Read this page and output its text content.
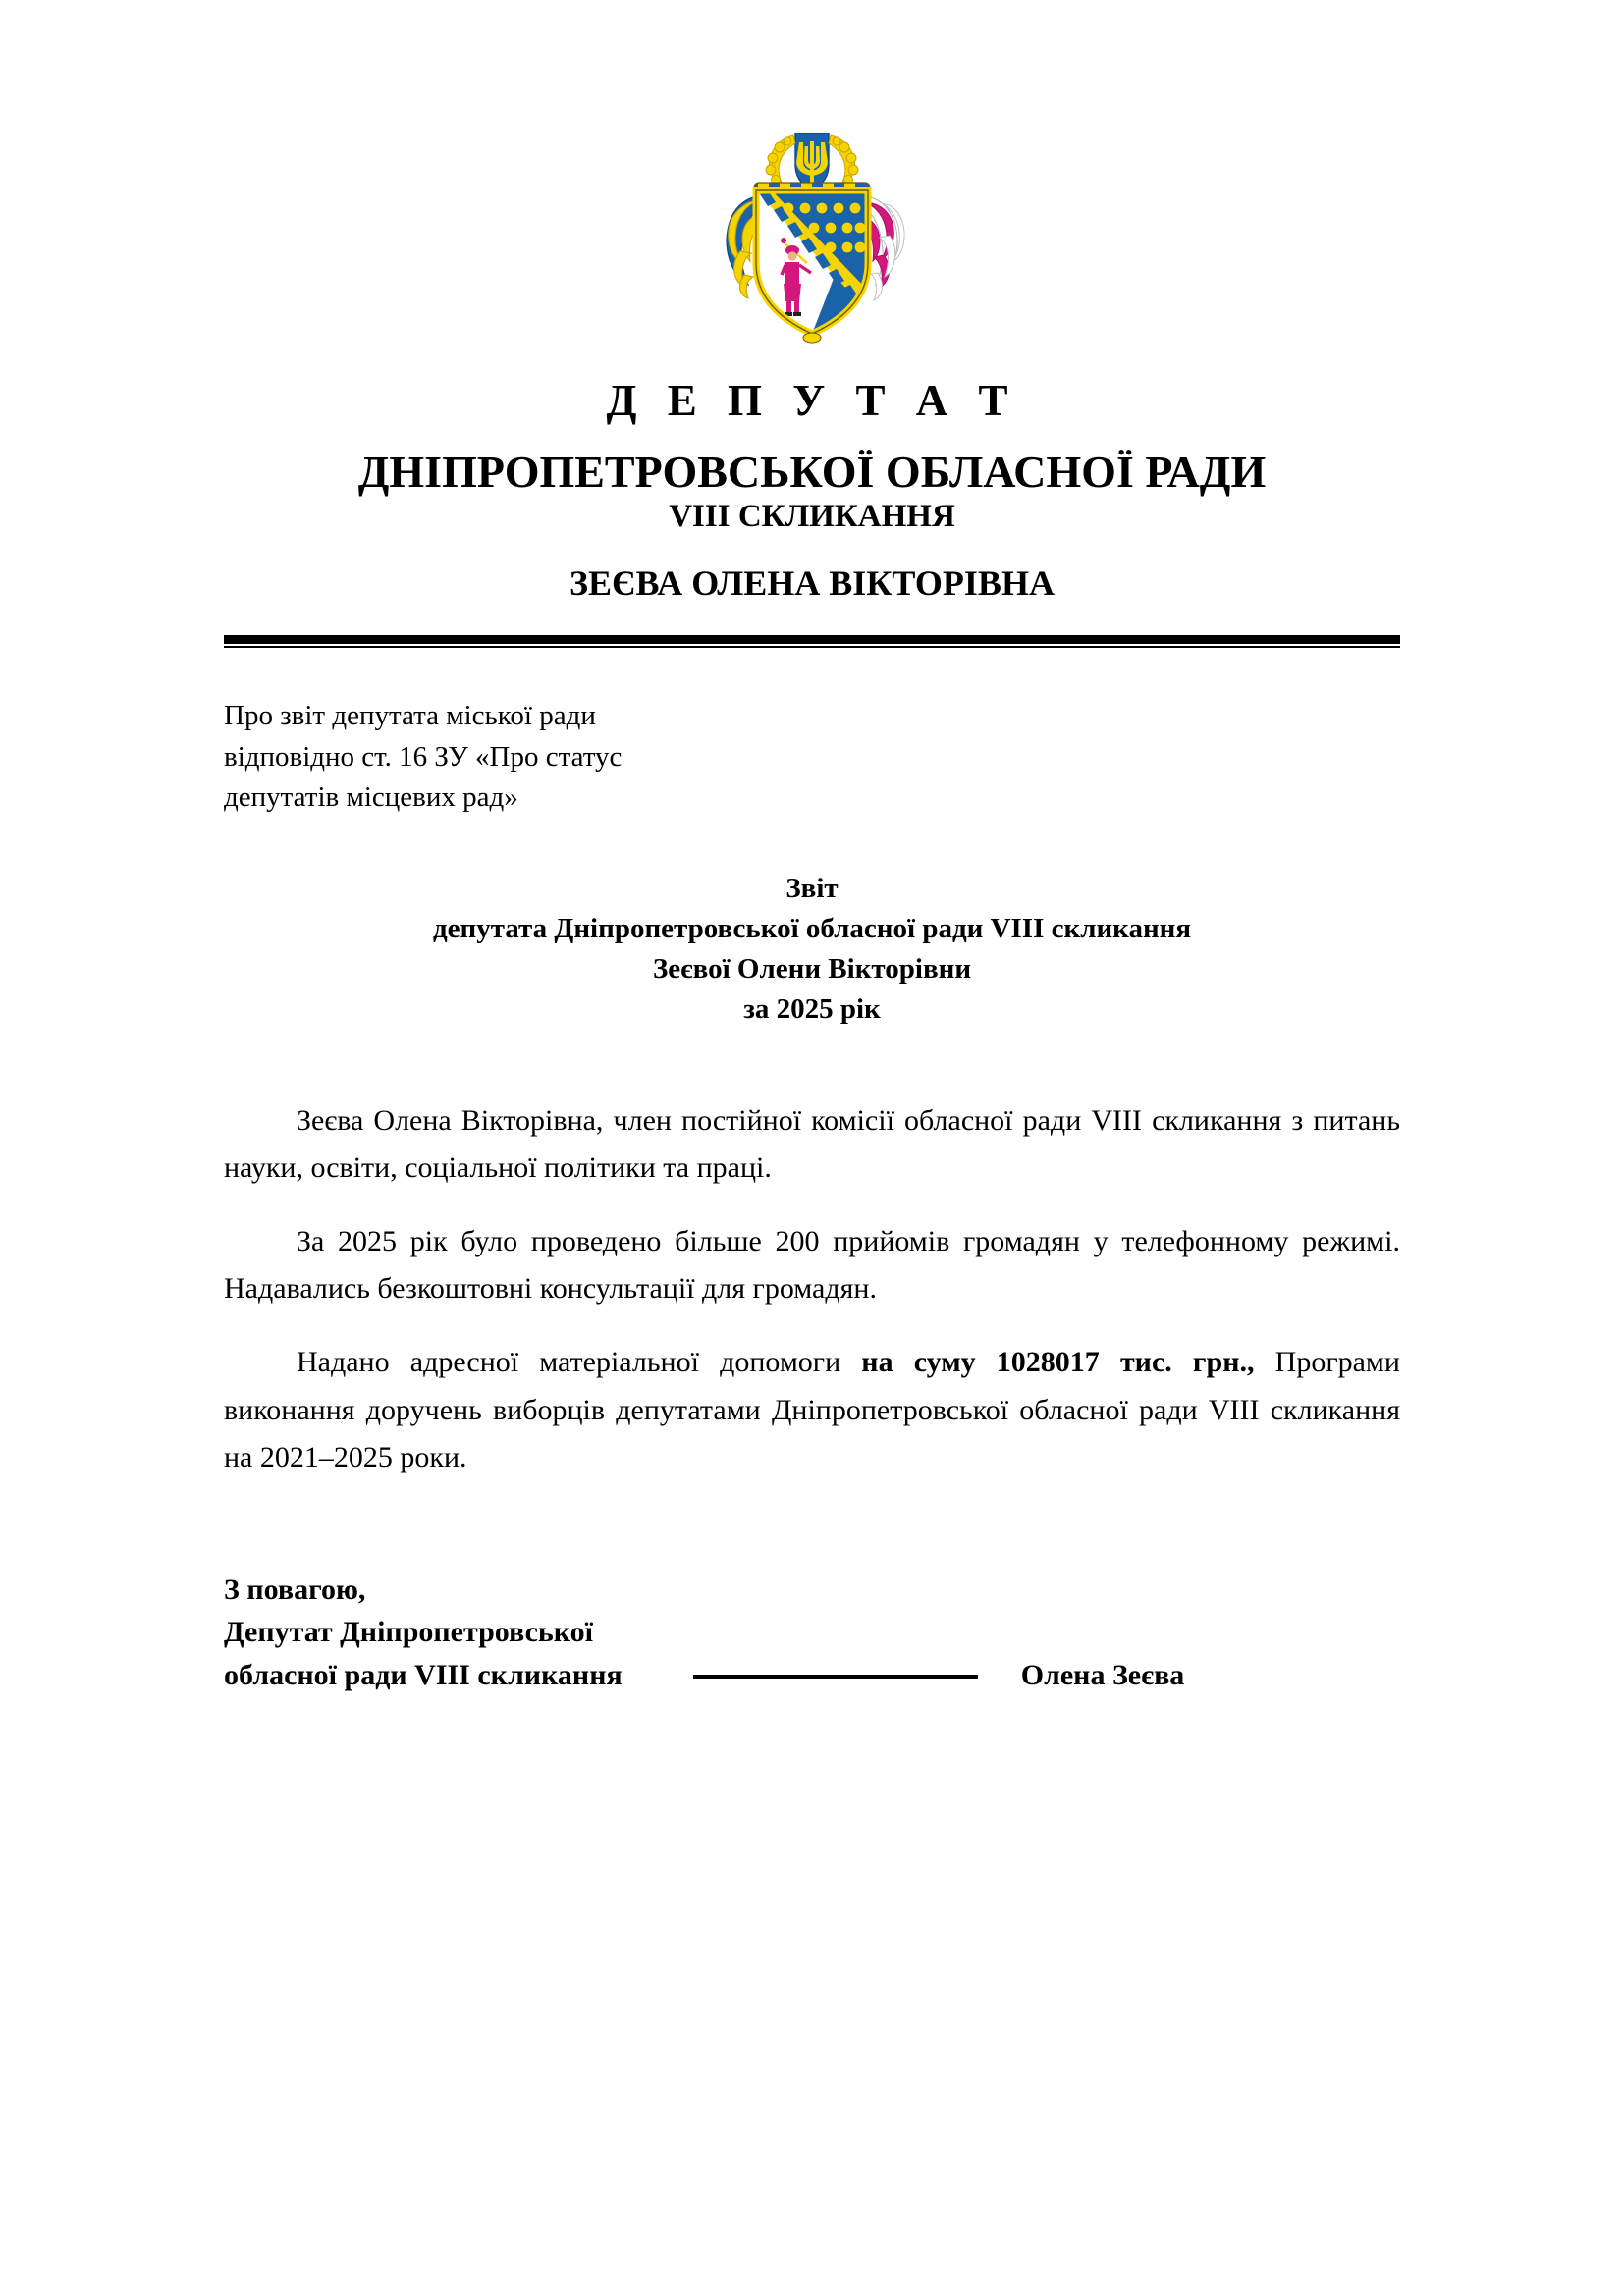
Д Е П У Т А Т
ДНІПРОПЕТРОВСЬКОЇ ОБЛАСНОЇ РАДИ
VIII СКЛИКАННЯ
ЗЕЄВА ОЛЕНА ВІКТОРІВНА
Про звіт депутата міської ради
відповідно ст. 16 ЗУ «Про статус
депутатів місцевих рад»
Звіт
депутата Дніпропетровської обласної ради VIII скликання
Зеєвої Олени Вікторівни
за 2025 рік

Зеєва Олена Вікторівна, член постійної комісії обласної ради VIII скликання з питань науки, освіти, соціальної політики та праці.

За 2025 рік було проведено більше 200 прийомів громадян у телефонному режимі. Надавались безкоштовні консультації для громадян.

Надано адресної матеріальної допомоги на суму 1028017 тис. грн., Програми виконання доручень виборців депутатами Дніпропетровської обласної ради VIII скликання на 2021–2025 роки.

З повагою,
Депутат Дніпропетровської
обласної ради VIII скликання	Олена Зеєва
